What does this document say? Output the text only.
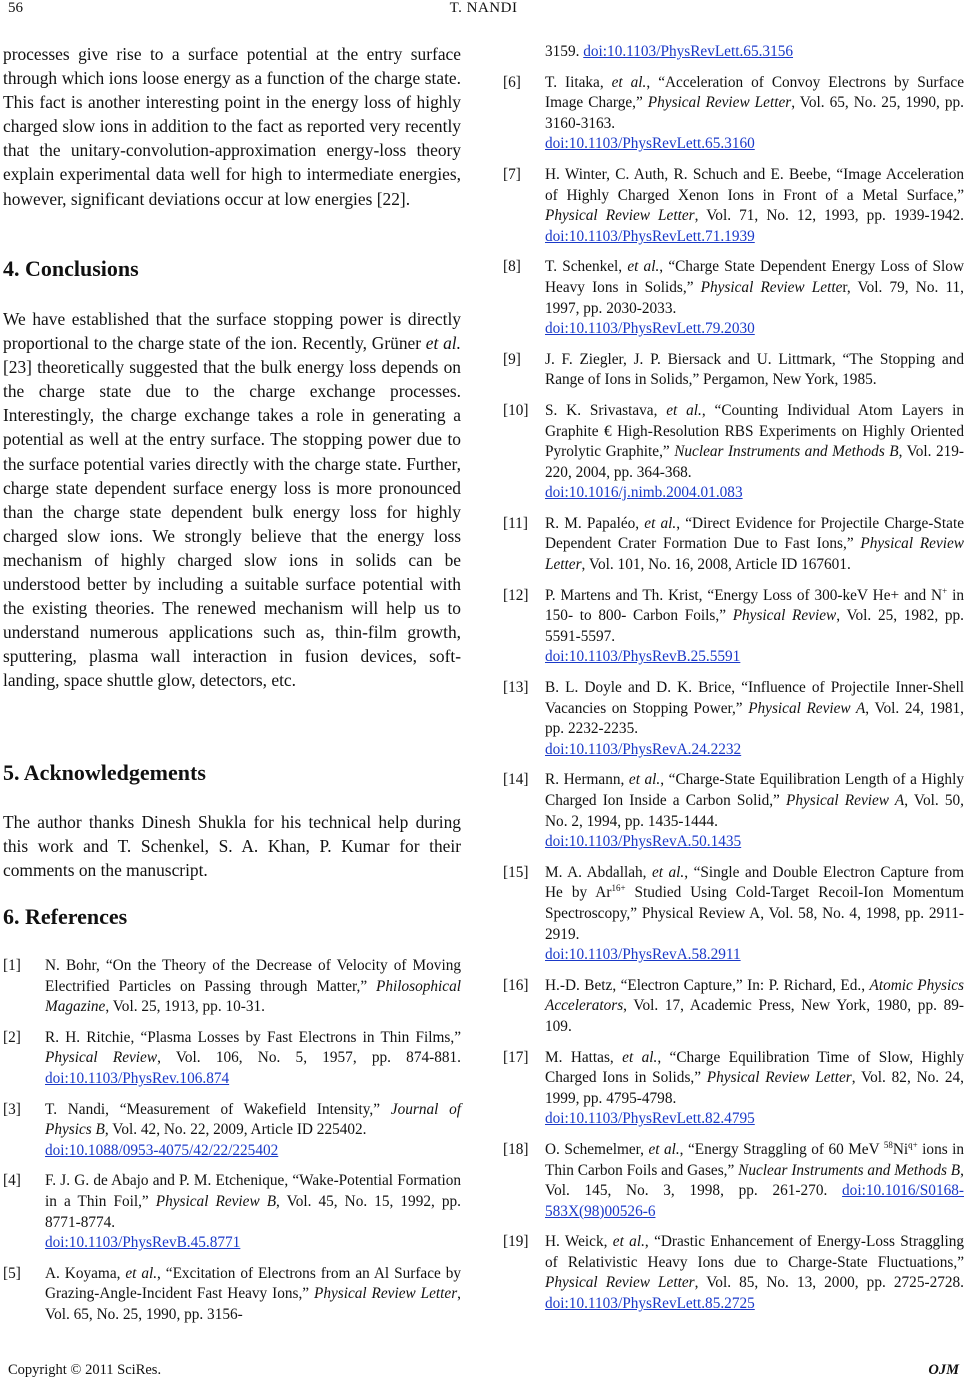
56	T. NANDI

processes give rise to a surface potential at the entry surface through which ions loose energy as a function of the charge state. This fact is another interesting point in the energy loss of highly charged slow ions in addition to the fact as reported very recently that the unitary-convolution-approximation energy-loss theory explain experimental data well for high to intermediate energies, however, significant deviations occur at low energies [22].

4. Conclusions

We have established that the surface stopping power is directly proportional to the charge state of the ion. Recently, Grüner et al. [23] theoretically suggested that the bulk energy loss depends on the charge state due to the charge exchange processes. Interestingly, the charge exchange takes a role in generating a potential as well at the entry surface. The stopping power due to the surface potential varies directly with the charge state. Further, charge state dependent surface energy loss is more pronounced than the charge state dependent bulk energy loss for highly charged slow ions. We strongly believe that the energy loss mechanism of highly charged slow ions in solids can be understood better by including a suitable surface potential with the existing theories. The renewed mechanism will help us to understand numerous applications such as, thin-film growth, sputtering, plasma wall interaction in fusion devices, soft-landing, space shuttle glow, detectors, etc.

5. Acknowledgements

The author thanks Dinesh Shukla for his technical help during this work and T. Schenkel, S. A. Khan, P. Kumar for their comments on the manuscript.

6. References

[1] N. Bohr, “On the Theory of the Decrease of Velocity of Moving Electrified Particles on Passing through Matter,” Philosophical Magazine, Vol. 25, 1913, pp. 10-31.

[2] R. H. Ritchie, “Plasma Losses by Fast Electrons in Thin Films,” Physical Review, Vol. 106, No. 5, 1957, pp. 874-881. doi:10.1103/PhysRev.106.874

[3] T. Nandi, “Measurement of Wakefield Intensity,” Journal of Physics B, Vol. 42, No. 22, 2009, Article ID 225402.
doi:10.1088/0953-4075/42/22/225402

[4] F. J. G. de Abajo and P. M. Etchenique, “Wake-Potential Formation in a Thin Foil,” Physical Review B, Vol. 45, No. 15, 1992, pp. 8771-8774.
doi:10.1103/PhysRevB.45.8771

[5] A. Koyama, et al., “Excitation of Electrons from an Al Surface by Grazing-Angle-Incident Fast Heavy Ions,” Physical Review Letter, Vol. 65, No. 25, 1990, pp. 3156-

3159. doi:10.1103/PhysRevLett.65.3156

[6] T. Iitaka, et al., “Acceleration of Convoy Electrons by Surface Image Charge,” Physical Review Letter, Vol. 65, No. 25, 1990, pp. 3160-3163.
doi:10.1103/PhysRevLett.65.3160

[7] H. Winter, C. Auth, R. Schuch and E. Beebe, “Image Acceleration of Highly Charged Xenon Ions in Front of a Metal Surface,” Physical Review Letter, Vol. 71, No. 12, 1993, pp. 1939-1942. doi:10.1103/PhysRevLett.71.1939

[8] T. Schenkel, et al., “Charge State Dependent Energy Loss of Slow Heavy Ions in Solids,” Physical Review Letter, Vol. 79, No. 11, 1997, pp. 2030-2033.
doi:10.1103/PhysRevLett.79.2030

[9] J. F. Ziegler, J. P. Biersack and U. Littmark, “The Stopping and Range of Ions in Solids,” Pergamon, New York, 1985.

[10] S. K. Srivastava, et al., “Counting Individual Atom Layers in Graphite € High-Resolution RBS Experiments on Highly Oriented Pyrolytic Graphite,” Nuclear Instruments and Methods B, Vol. 219-220, 2004, pp. 364-368.
doi:10.1016/j.nimb.2004.01.083

[11] R. M. Papaléo, et al., “Direct Evidence for Projectile Charge-State Dependent Crater Formation Due to Fast Ions,” Physical Review Letter, Vol. 101, No. 16, 2008, Article ID 167601.

[12] P. Martens and Th. Krist, “Energy Loss of 300-keV He+ and N+ in 150- to 800- Carbon Foils,” Physical Review, Vol. 25, 1982, pp. 5591-5597.
doi:10.1103/PhysRevB.25.5591

[13] B. L. Doyle and D. K. Brice, “Influence of Projectile Inner-Shell Vacancies on Stopping Power,” Physical Review A, Vol. 24, 1981, pp. 2232-2235.
doi:10.1103/PhysRevA.24.2232

[14] R. Hermann, et al., “Charge-State Equilibration Length of a Highly Charged Ion Inside a Carbon Solid,” Physical Review A, Vol. 50, No. 2, 1994, pp. 1435-1444.
doi:10.1103/PhysRevA.50.1435

[15] M. A. Abdallah, et al., “Single and Double Electron Capture from He by $Ar^{16+}$ Studied Using Cold-Target Recoil-Ion Momentum Spectroscopy,” Physical Review A, Vol. 58, No. 4, 1998, pp. 2911-2919.
doi:10.1103/PhysRevA.58.2911

[16] H.-D. Betz, “Electron Capture,” In: P. Richard, Ed., Atomic Physics Accelerators, Vol. 17, Academic Press, New York, 1980, pp. 89-109.

[17] M. Hattas, et al., “Charge Equilibration Time of Slow, Highly Charged Ions in Solids,” Physical Review Letter, Vol. 82, No. 24, 1999, pp. 4795-4798.
doi:10.1103/PhysRevLett.82.4795

[18] O. Schemelmer, et al., “Energy Straggling of 60 MeV $^{58}Ni^{q+}$ ions in Thin Carbon Foils and Gases,” Nuclear Instruments and Methods B, Vol. 145, No. 3, 1998, pp. 261-270. doi:10.1016/S0168-583X(98)00526-6

[19] H. Weick, et al., “Drastic Enhancement of Energy-Loss Straggling of Relativistic Heavy Ions due to Charge-State Fluctuations,” Physical Review Letter, Vol. 85, No. 13, 2000, pp. 2725-2728. doi:10.1103/PhysRevLett.85.2725

Copyright © 2011 SciRes.	OJM
